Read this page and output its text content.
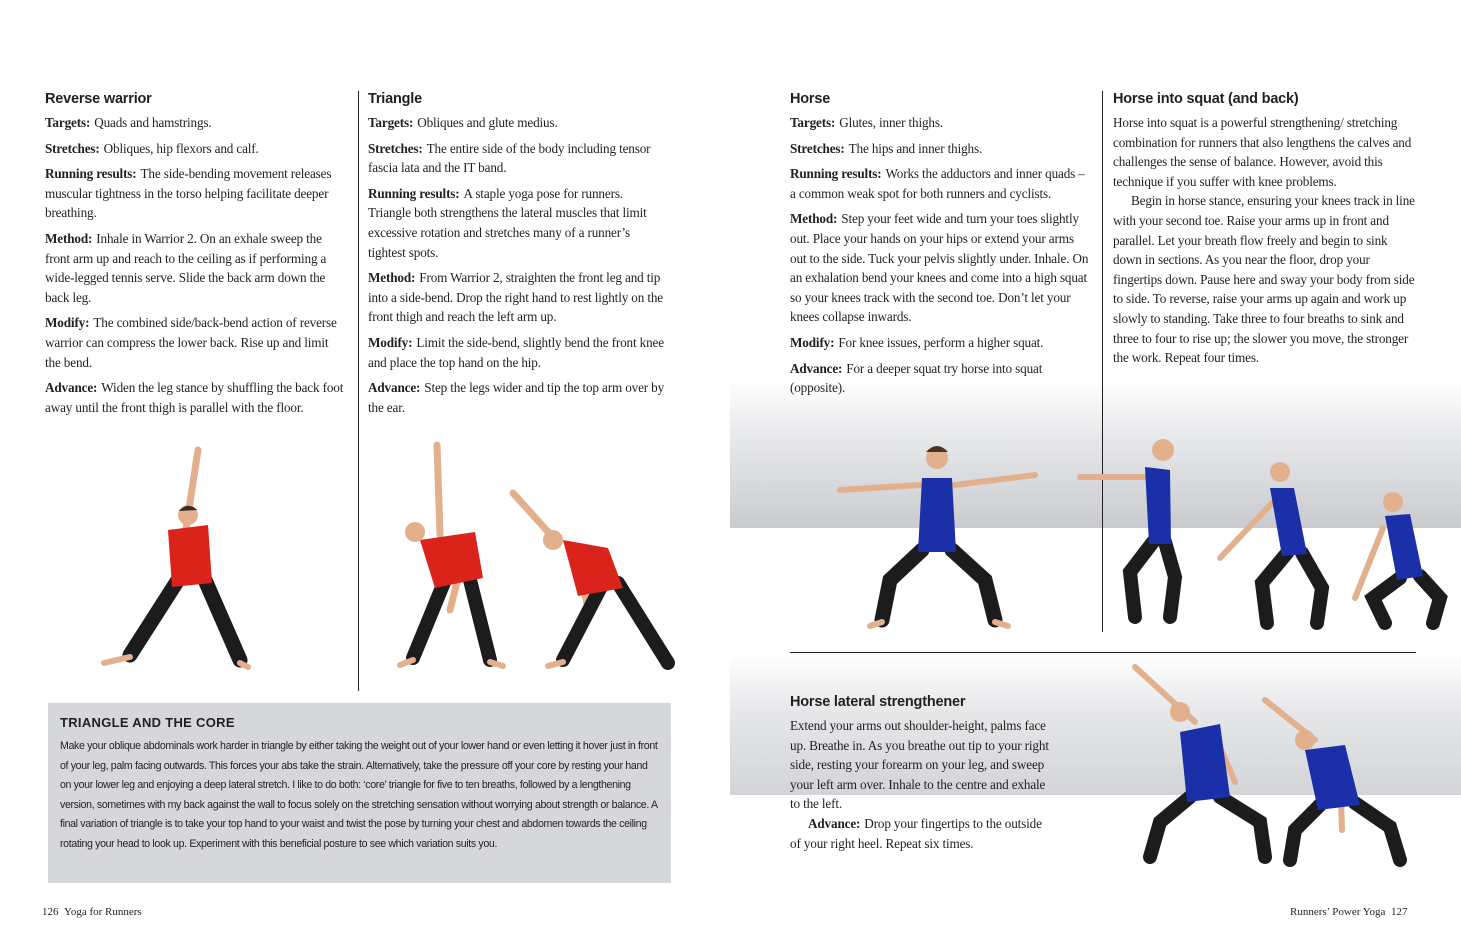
Reverse warrior

Targets: Quads and hamstrings.

Stretches: Obliques, hip flexors and calf.

Running results: The side-bending movement releases muscular tightness in the torso helping facilitate deeper breathing.

Method: Inhale in Warrior 2. On an exhale sweep the front arm up and reach to the ceiling as if performing a wide-legged tennis serve. Slide the back arm down the back leg.

Modify: The combined side/back-bend action of reverse warrior can compress the lower back. Rise up and limit the bend.

Advance: Widen the leg stance by shuffling the back foot away until the front thigh is parallel with the floor.

Triangle

Targets: Obliques and glute medius.

Stretches: The entire side of the body including tensor fascia lata and the IT band.

Running results: A staple yoga pose for runners. Triangle both strengthens the lateral muscles that limit excessive rotation and stretches many of a runner’s tightest spots.

Method: From Warrior 2, straighten the front leg and tip into a side-bend. Drop the right hand to rest lightly on the front thigh and reach the left arm up.

Modify: Limit the side-bend, slightly bend the front knee and place the top hand on the hip.

Advance: Step the legs wider and tip the top arm over by the ear.

TRIANGLE AND THE CORE

Make your oblique abdominals work harder in triangle by either taking the weight out of your lower hand or even letting it hover just in front of your leg, palm facing outwards. This forces your abs take the strain. Alternatively, take the pressure off your core by resting your hand on your lower leg and enjoying a deep lateral stretch. I like to do both: ‘core’ triangle for five to ten breaths, followed by a lengthening version, sometimes with my back against the wall to focus solely on the stretching sensation without worrying about strength or balance. A final variation of triangle is to take your top hand to your waist and twist the pose by turning your chest and abdomen towards the ceiling rotating your head to look up. Experiment with this beneficial posture to see which variation suits you.

126 Yoga for Runners
Horse

Targets: Glutes, inner thighs.

Stretches: The hips and inner thighs.

Running results: Works the adductors and inner quads – a common weak spot for both runners and cyclists.

Method: Step your feet wide and turn your toes slightly out. Place your hands on your hips or extend your arms out to the side. Tuck your pelvis slightly under. Inhale. On an exhalation bend your knees and come into a high squat so your knees track with the second toe. Don’t let your knees collapse inwards.

Modify: For knee issues, perform a higher squat.

Advance: For a deeper squat try horse into squat (opposite).

Horse into squat (and back)

Horse into squat is a powerful strengthening/ stretching combination for runners that also lengthens the calves and challenges the sense of balance. However, avoid this technique if you suffer with knee problems.

Begin in horse stance, ensuring your knees track in line with your second toe. Raise your arms up in front and parallel. Let your breath flow freely and begin to sink down in sections. As you near the floor, drop your fingertips down. Pause here and sway your body from side to side. To reverse, raise your arms up again and work up slowly to standing. Take three to four breaths to sink and three to four to rise up; the slower you move, the stronger the work. Repeat four times.

Horse lateral strengthener

Extend your arms out shoulder-height, palms face up. Breathe in. As you breathe out tip to your right side, resting your forearm on your leg, and sweep your left arm over. Inhale to the centre and exhale to the left.

Advance: Drop your fingertips to the outside of your right heel. Repeat six times.

Runners’ Power Yoga 127
